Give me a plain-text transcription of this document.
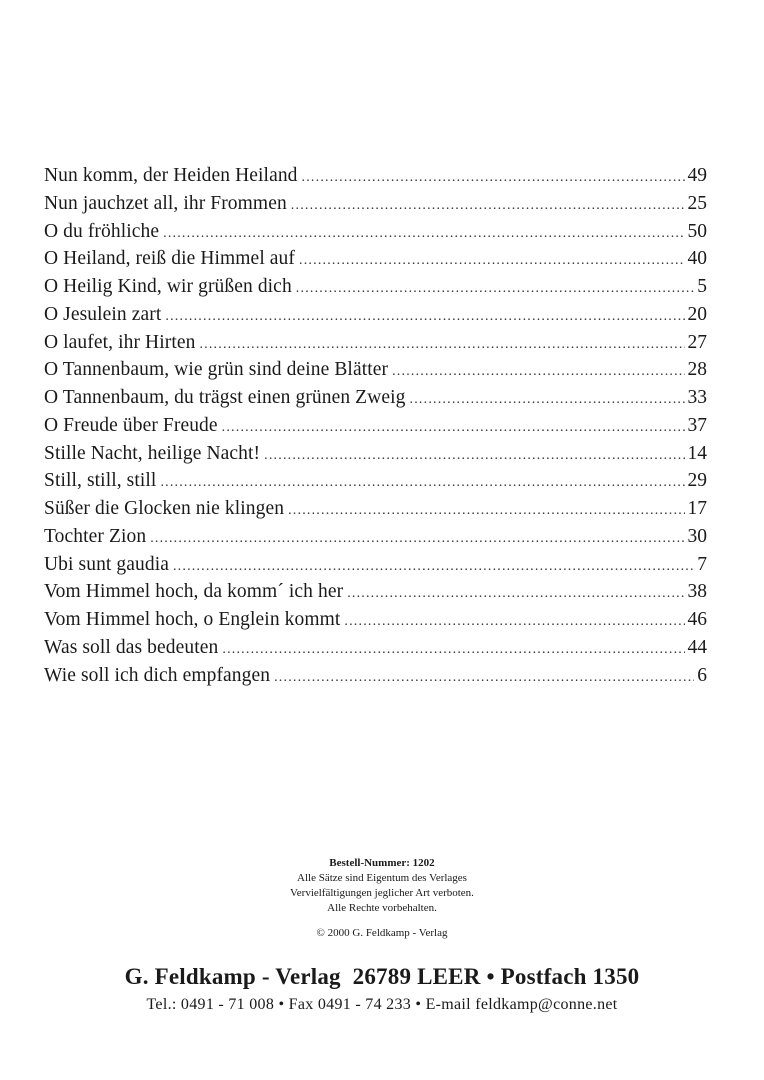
Nun komm, der Heiden Heiland .....	49
Nun jauchzet all, ihr Frommen .....	25
O du fröhliche .....	50
O Heiland, reiß die Himmel auf .....	40
O Heilig Kind, wir grüßen dich .....	5
O Jesulein zart .....	20
O laufet, ihr Hirten .....	27
O Tannenbaum, wie grün sind deine Blätter .....	28
O Tannenbaum, du trägst einen grünen Zweig .....	33
O Freude über Freude .....	37
Stille Nacht, heilige Nacht! .....	14
Still, still, still .....	29
Süßer die Glocken nie klingen .....	17
Tochter Zion .....	30
Ubi sunt gaudia .....	7
Vom Himmel hoch, da komm´ ich her .....	38
Vom Himmel hoch, o Englein kommt .....	46
Was soll das bedeuten .....	44
Wie soll ich dich empfangen .....	6
Bestell-Nummer: 1202
Alle Sätze sind Eigentum des Verlages
Vervielfältigungen jeglicher Art verboten.
Alle Rechte vorbehalten.
© 2000 G. Feldkamp - Verlag
G. Feldkamp - Verlag  26789 LEER • Postfach 1350
Tel.: 0491 - 71 008 • Fax 0491 - 74 233 • E-mail feldkamp@conne.net
